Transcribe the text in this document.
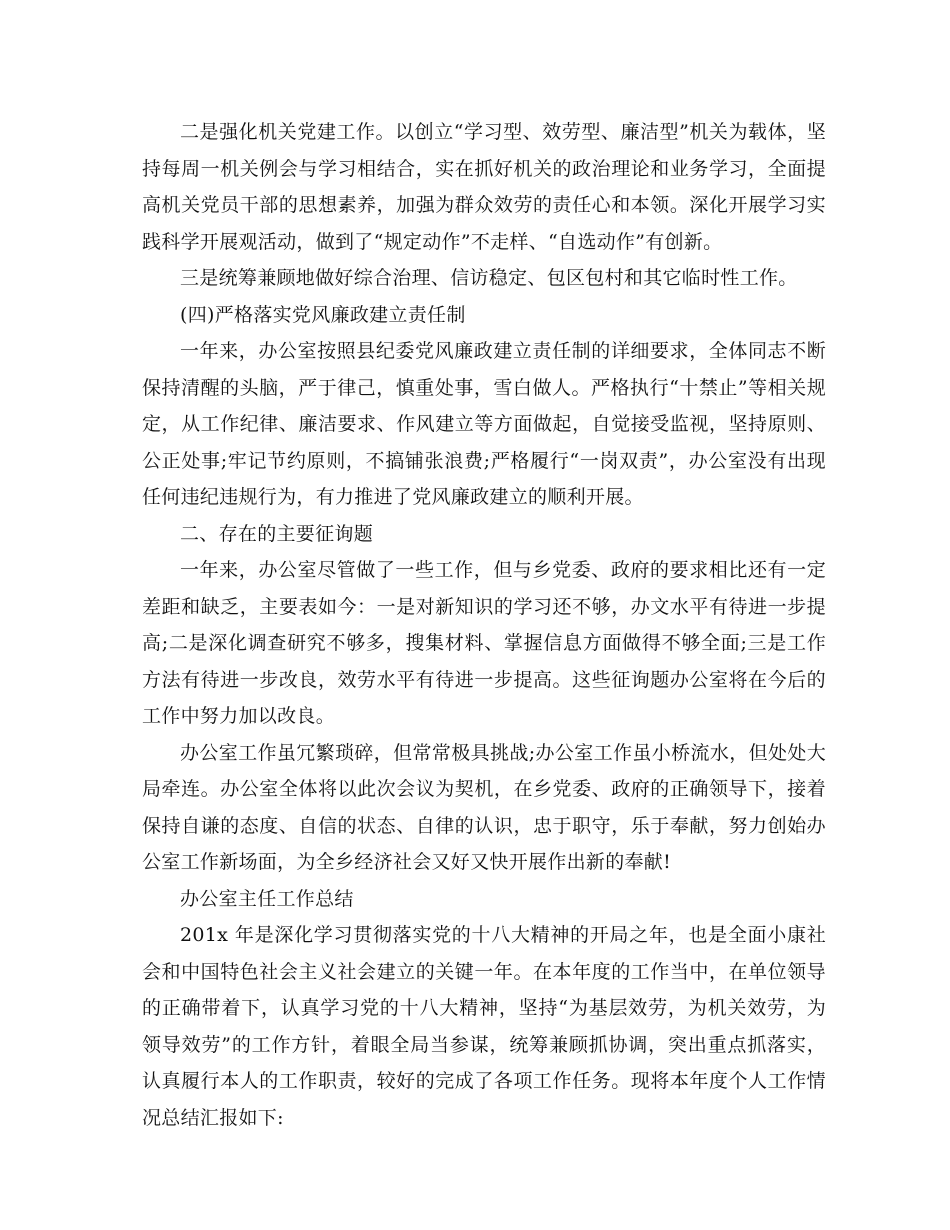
二是强化机关党建工作。以创立“学习型、效劳型、廉洁型”机关为载体，坚持每周一机关例会与学习相结合，实在抓好机关的政治理论和业务学习，全面提高机关党员干部的思想素养，加强为群众效劳的责任心和本领。深化开展学习实践科学开展观活动，做到了“规定动作”不走样、“自选动作”有创新。

三是统筹兼顾地做好综合治理、信访稳定、包区包村和其它临时性工作。

(四)严格落实党风廉政建立责任制

一年来，办公室按照县纪委党风廉政建立责任制的详细要求，全体同志不断保持清醒的头脑，严于律己，慎重处事，雪白做人。严格执行“十禁止”等相关规定，从工作纪律、廉洁要求、作风建立等方面做起，自觉接受监视，坚持原则、公正处事;牢记节约原则，不搞铺张浪费;严格履行“一岗双责”，办公室没有出现任何违纪违规行为，有力推进了党风廉政建立的顺利开展。

二、存在的主要征询题

一年来，办公室尽管做了一些工作，但与乡党委、政府的要求相比还有一定差距和缺乏，主要表如今：一是对新知识的学习还不够，办文水平有待进一步提高;二是深化调查研究不够多，搜集材料、掌握信息方面做得不够全面;三是工作方法有待进一步改良，效劳水平有待进一步提高。这些征询题办公室将在今后的工作中努力加以改良。

办公室工作虽冗繁琐碎，但常常极具挑战;办公室工作虽小桥流水，但处处大局牵连。办公室全体将以此次会议为契机，在乡党委、政府的正确领导下，接着保持自谦的态度、自信的状态、自律的认识，忠于职守，乐于奉献，努力创始办公室工作新场面，为全乡经济社会又好又快开展作出新的奉献!

办公室主任工作总结

201x 年是深化学习贯彻落实党的十八大精神的开局之年，也是全面小康社会和中国特色社会主义社会建立的关键一年。在本年度的工作当中，在单位领导的正确带着下，认真学习党的十八大精神，坚持“为基层效劳，为机关效劳，为领导效劳”的工作方针，着眼全局当参谋，统筹兼顾抓协调，突出重点抓落实，认真履行本人的工作职责，较好的完成了各项工作任务。现将本年度个人工作情况总结汇报如下:
